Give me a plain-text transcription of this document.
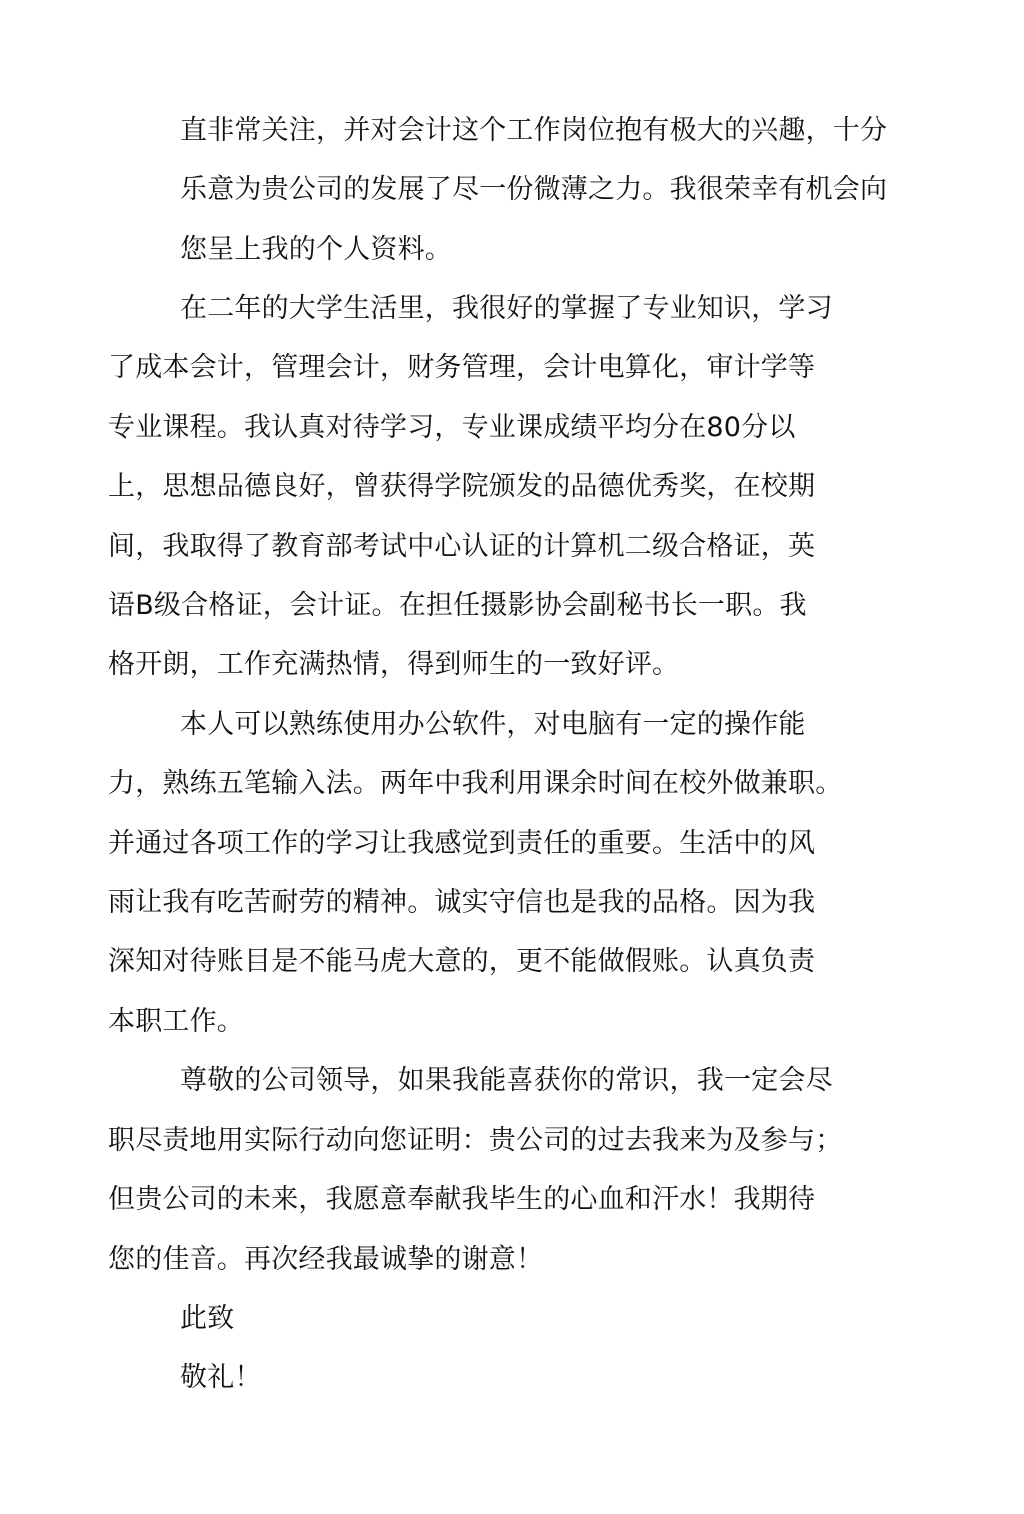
直非常关注，并对会计这个工作岗位抱有极大的兴趣，十分
乐意为贵公司的发展了尽一份微薄之力。我很荣幸有机会向
您呈上我的个人资料。
在二年的大学生活里，我很好的掌握了专业知识，学习
了成本会计，管理会计，财务管理，会计电算化，审计学等
专业课程。我认真对待学习，专业课成绩平均分在80分以
上，思想品德良好，曾获得学院颁发的品德优秀奖，在校期
间，我取得了教育部考试中心认证的计算机二级合格证，英
语B级合格证，会计证。在担任摄影协会副秘书长一职。我
格开朗，工作充满热情，得到师生的一致好评。
本人可以熟练使用办公软件，对电脑有一定的操作能
力，熟练五笔输入法。两年中我利用课余时间在校外做兼职。
并通过各项工作的学习让我感觉到责任的重要。生活中的风
雨让我有吃苦耐劳的精神。诚实守信也是我的品格。因为我
深知对待账目是不能马虎大意的，更不能做假账。认真负责
本职工作。
尊敬的公司领导，如果我能喜获你的常识，我一定会尽
职尽责地用实际行动向您证明：贵公司的过去我来为及参与；
但贵公司的未来，我愿意奉献我毕生的心血和汗水！我期待
您的佳音。再次经我最诚挚的谢意！
此致
敬礼！
